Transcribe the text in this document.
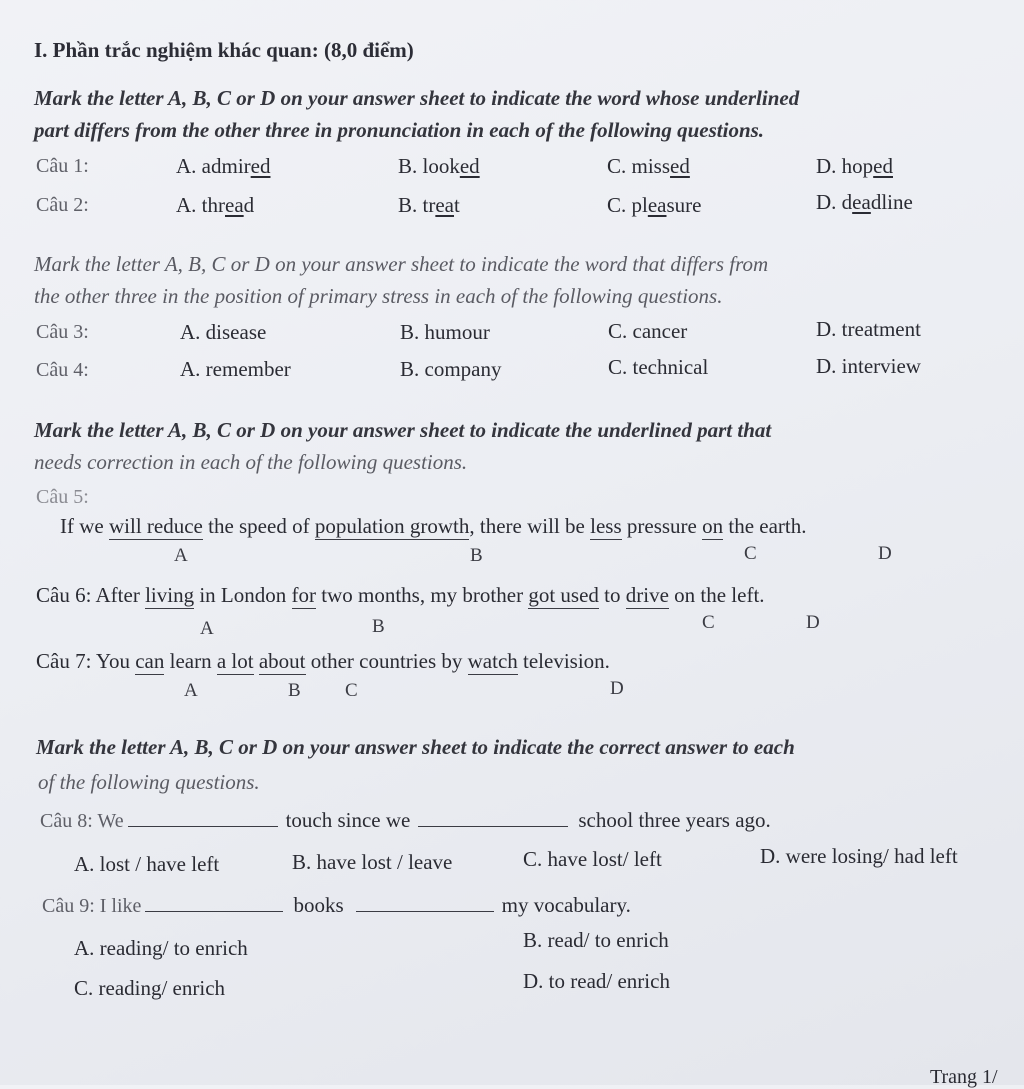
I. Phần trắc nghiệm khác quan: (8,0 điểm)
Mark the letter A, B, C or D on your answer sheet to indicate the word whose underlined
part differs from the other three in pronunciation in each of the following questions.
Câu 1:	A. admired	B. looked	C. missed	D. hoped
Câu 2:	A. thread	B. treat	C. pleasure	D. deadline
Mark the letter A, B, C or D on your answer sheet to indicate the word that differs from
the other three in the position of primary stress in each of the following questions.
Câu 3:	A. disease	B. humour	C. cancer	D. treatment
Câu 4:	A. remember	B. company	C. technical	D. interview
Mark the letter A, B, C or D on your answer sheet to indicate the underlined part that
needs correction in each of the following questions.
Câu 5:
If we will reduce the speed of population growth, there will be less pressure on the earth.
A	B	C	D
Câu 6: After living in London for two months, my brother got used to drive on the left.
A	B	C	D
Câu 7: You can learn a lot about other countries by watch television.
A	B C	D
Mark the letter A, B, C or D on your answer sheet to indicate the correct answer to each
of the following questions.
Câu 8: We	touch since we	school three years ago.
A. lost / have left	B. have lost / leave	C. have lost/ left	D. were losing/ had left
Câu 9: I like	books	my vocabulary.
A. reading/ to enrich	B. read/ to enrich
C. reading/ enrich	D. to read/ enrich
Trang 1/
